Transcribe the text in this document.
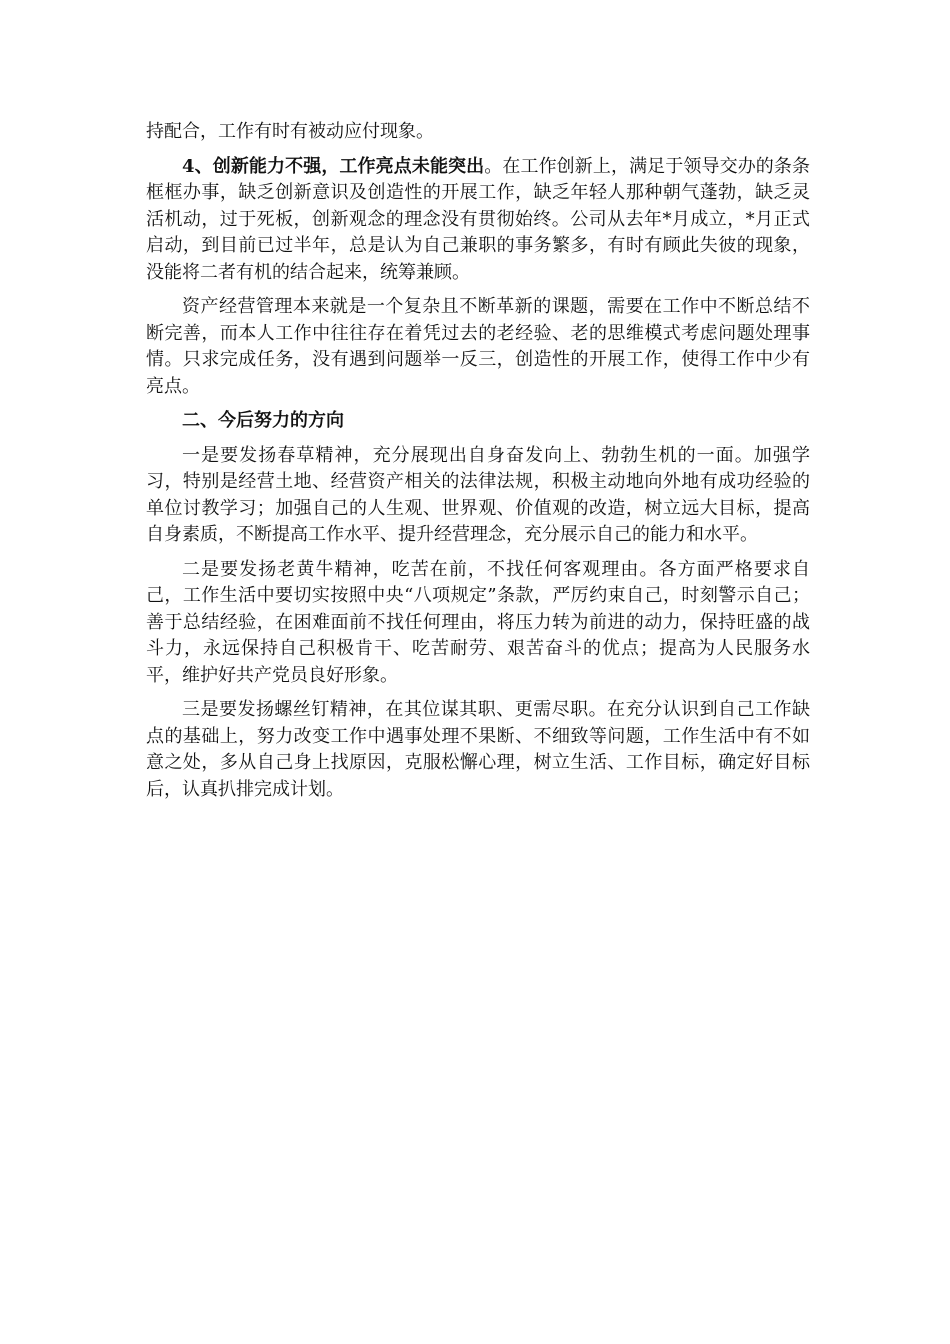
持配合，工作有时有被动应付现象。

4、创新能力不强，工作亮点未能突出。在工作创新上，满足于领导交办的条条框框办事，缺乏创新意识及创造性的开展工作，缺乏年轻人那种朝气蓬勃，缺乏灵活机动，过于死板，创新观念的理念没有贯彻始终。公司从去年*月成立，*月正式启动，到目前已过半年，总是认为自己兼职的事务繁多，有时有顾此失彼的现象，没能将二者有机的结合起来，统筹兼顾。

资产经营管理本来就是一个复杂且不断革新的课题，需要在工作中不断总结不断完善，而本人工作中往往存在着凭过去的老经验、老的思维模式考虑问题处理事情。只求完成任务，没有遇到问题举一反三，创造性的开展工作，使得工作中少有亮点。

二、今后努力的方向

一是要发扬春草精神，充分展现出自身奋发向上、勃勃生机的一面。加强学习，特别是经营土地、经营资产相关的法律法规，积极主动地向外地有成功经验的单位讨教学习；加强自己的人生观、世界观、价值观的改造，树立远大目标，提高自身素质，不断提高工作水平、提升经营理念，充分展示自己的能力和水平。

二是要发扬老黄牛精神，吃苦在前，不找任何客观理由。各方面严格要求自己，工作生活中要切实按照中央“八项规定”条款，严厉约束自己，时刻警示自己；善于总结经验，在困难面前不找任何理由，将压力转为前进的动力，保持旺盛的战斗力，永远保持自己积极肯干、吃苦耐劳、艰苦奋斗的优点；提高为人民服务水平，维护好共产党员良好形象。

三是要发扬螺丝钉精神，在其位谋其职、更需尽职。在充分认识到自己工作缺点的基础上，努力改变工作中遇事处理不果断、不细致等问题，工作生活中有不如意之处，多从自己身上找原因，克服松懈心理，树立生活、工作目标，确定好目标后，认真扒排完成计划。
